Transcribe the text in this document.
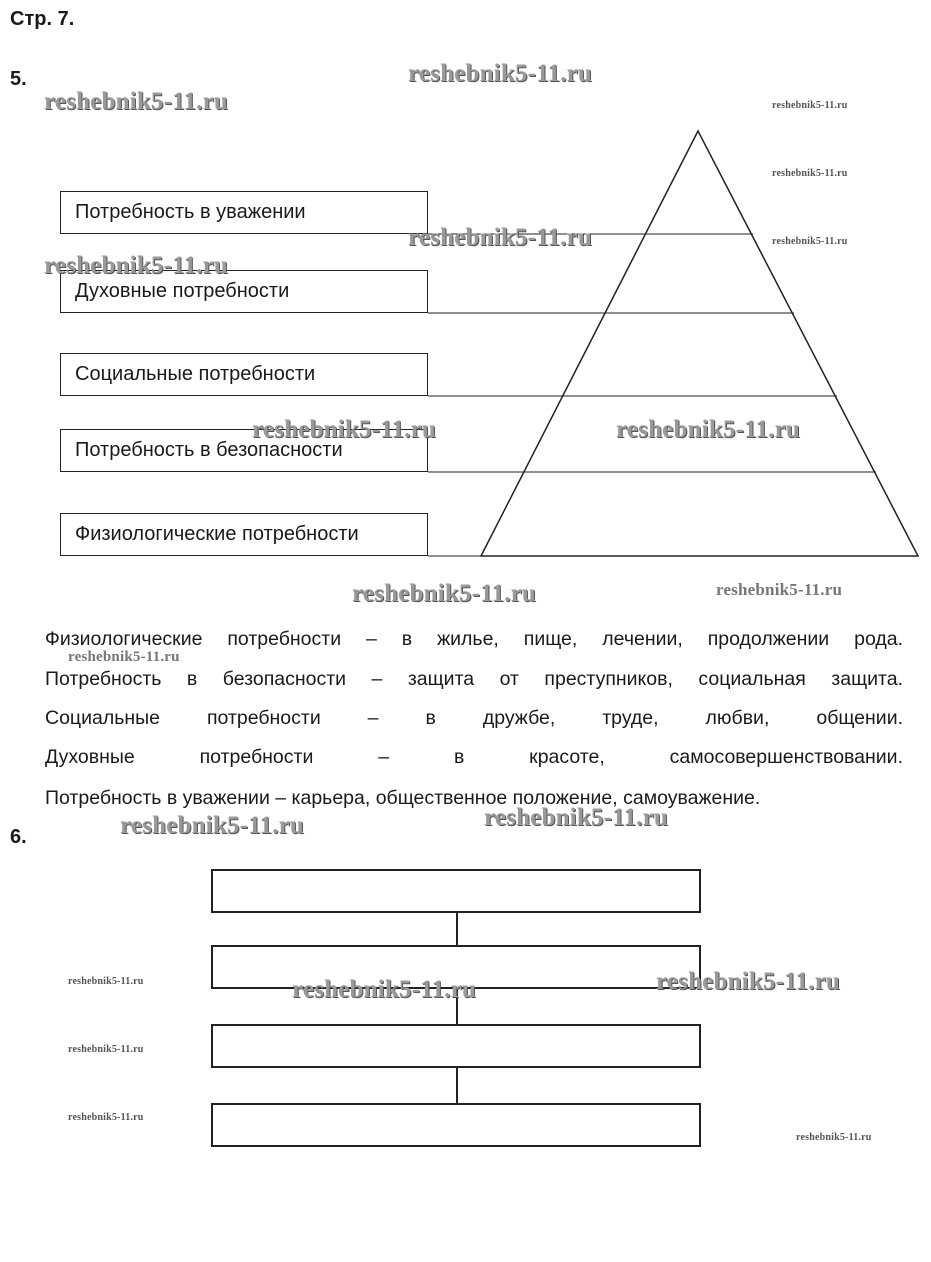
Стр. 7.
5.
Потребность в уважении
Духовные потребности
Социальные потребности
Потребность в безопасности
Физиологические потребности
Физиологические потребности – в жилье, пище, лечении, продолжении рода.
Потребность в безопасности – защита от преступников, социальная защита.
Социальные потребности – в дружбе, труде, любви, общении.
Духовные потребности – в красоте, самосовершенствовании.
Потребность в уважении – карьера, общественное положение, самоуважение.
6.
reshebnik5-11.ru
reshebnik5-11.ru	reshebnik5-11.ru
reshebnik5-11.ru
reshebnik5-11.ru	reshebnik5-11.ru
reshebnik5-11.ru
reshebnik5-11.ru	reshebnik5-11.ru
reshebnik5-11.ru	reshebnik5-11.ru
reshebnik5-11.ru
reshebnik5-11.ru	reshebnik5-11.ru
reshebnik5-11.ru	reshebnik5-11.ru	reshebnik5-11.ru
reshebnik5-11.ru
reshebnik5-11.ru
reshebnik5-11.ru
